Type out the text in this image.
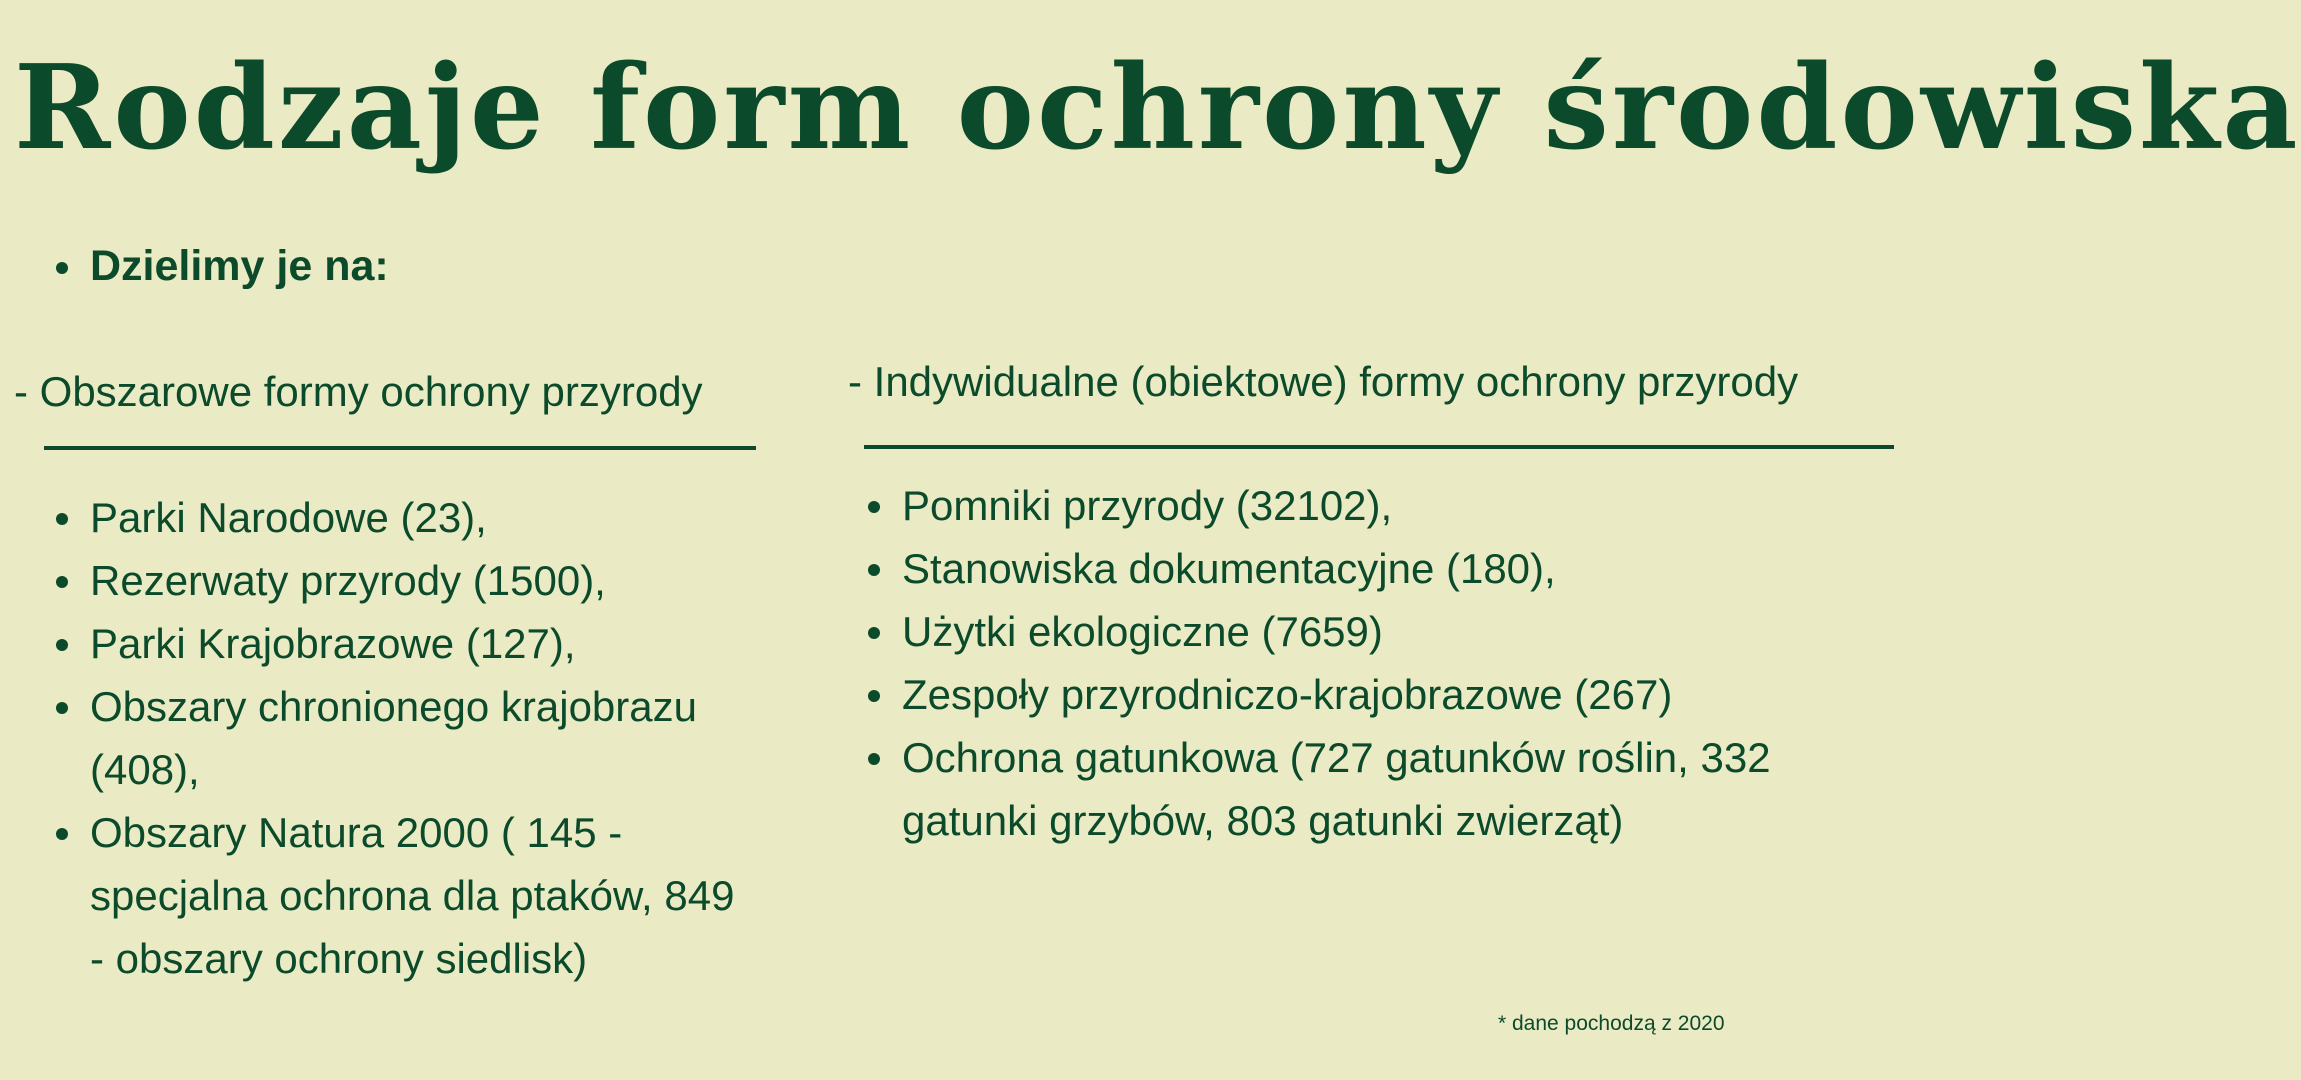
Rodzaje form ochrony środowiska
Dzielimy je na:

- Obszarowe formy ochrony przyrody

Parki Narodowe (23),
Rezerwaty przyrody (1500),
Parki Krajobrazowe (127),
Obszary chronionego krajobrazu (408),
Obszary Natura 2000 ( 145 - specjalna ochrona dla ptaków, 849 - obszary ochrony siedlisk)

- Indywidualne (obiektowe) formy ochrony przyrody

Pomniki przyrody (32102),
Stanowiska dokumentacyjne (180),
Użytki ekologiczne (7659)
Zespoły przyrodniczo-krajobrazowe (267)
Ochrona gatunkowa (727 gatunków roślin, 332 gatunki grzybów, 803 gatunki zwierząt)
* dane pochodzą z 2020
